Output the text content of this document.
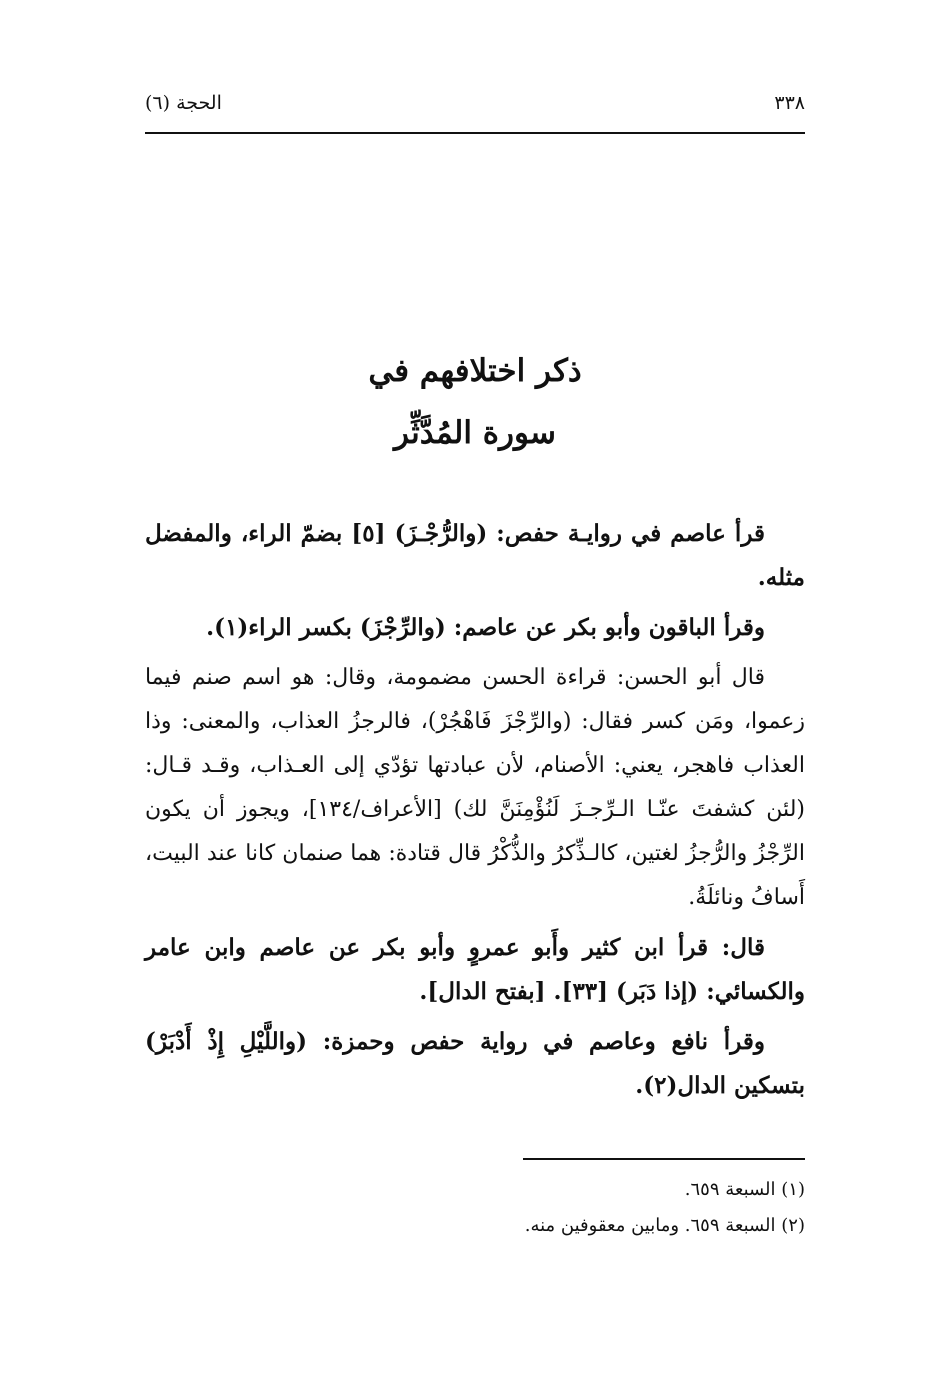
٣٣٨
الحجة (٦)
ذكر اختلافهم في
سورة المُدَّثِّر

قرأ عاصم في روايـة حفص: (والرُّجْـزَ) [٥] بضمّ الراء، والمفضل مثله.

وقرأ الباقون وأبو بكر عن عاصم: (والرِّجْزَ) بكسر الراء(١).

قال أبو الحسن: قراءة الحسن مضمومة، وقال: هو اسم صنم فيما زعموا، ومَن كسر فقال: (والرِّجْزَ فَاهْجُرْ)، فالرجزُ العذاب، والمعنى: وذا العذاب فاهجر، يعني: الأصنام، لأن عبادتها تؤدّي إلى العـذاب، وقـد قـال: (لئن كشفتَ عنّـا الـرِّجـزَ لَنُؤْمِنَنَّ لك) [الأعراف/١٣٤]، ويجوز أن يكون الرِّجْزُ والرُّجزُ لغتين، كالـذِّكرُ والذُّكْرُ قال قتادة: هما صنمان كانا عند البيت، أَسافُ ونائلَةُ.

قال: قرأ ابن كثير وأَبو عمروٍ وأبو بكر عن عاصم وابن عامر والكسائي: (إذا دَبَر) [٣٣]. [بفتح الدال].

وقرأ نافع وعاصم في رواية حفص وحمزة: (واللَّيْلِ إِذْ أَدْبَرْ) بتسكين الدال(٢).

(١) السبعة ٦٥٩.

(٢) السبعة ٦٥٩. ومابين معقوفين منه.
